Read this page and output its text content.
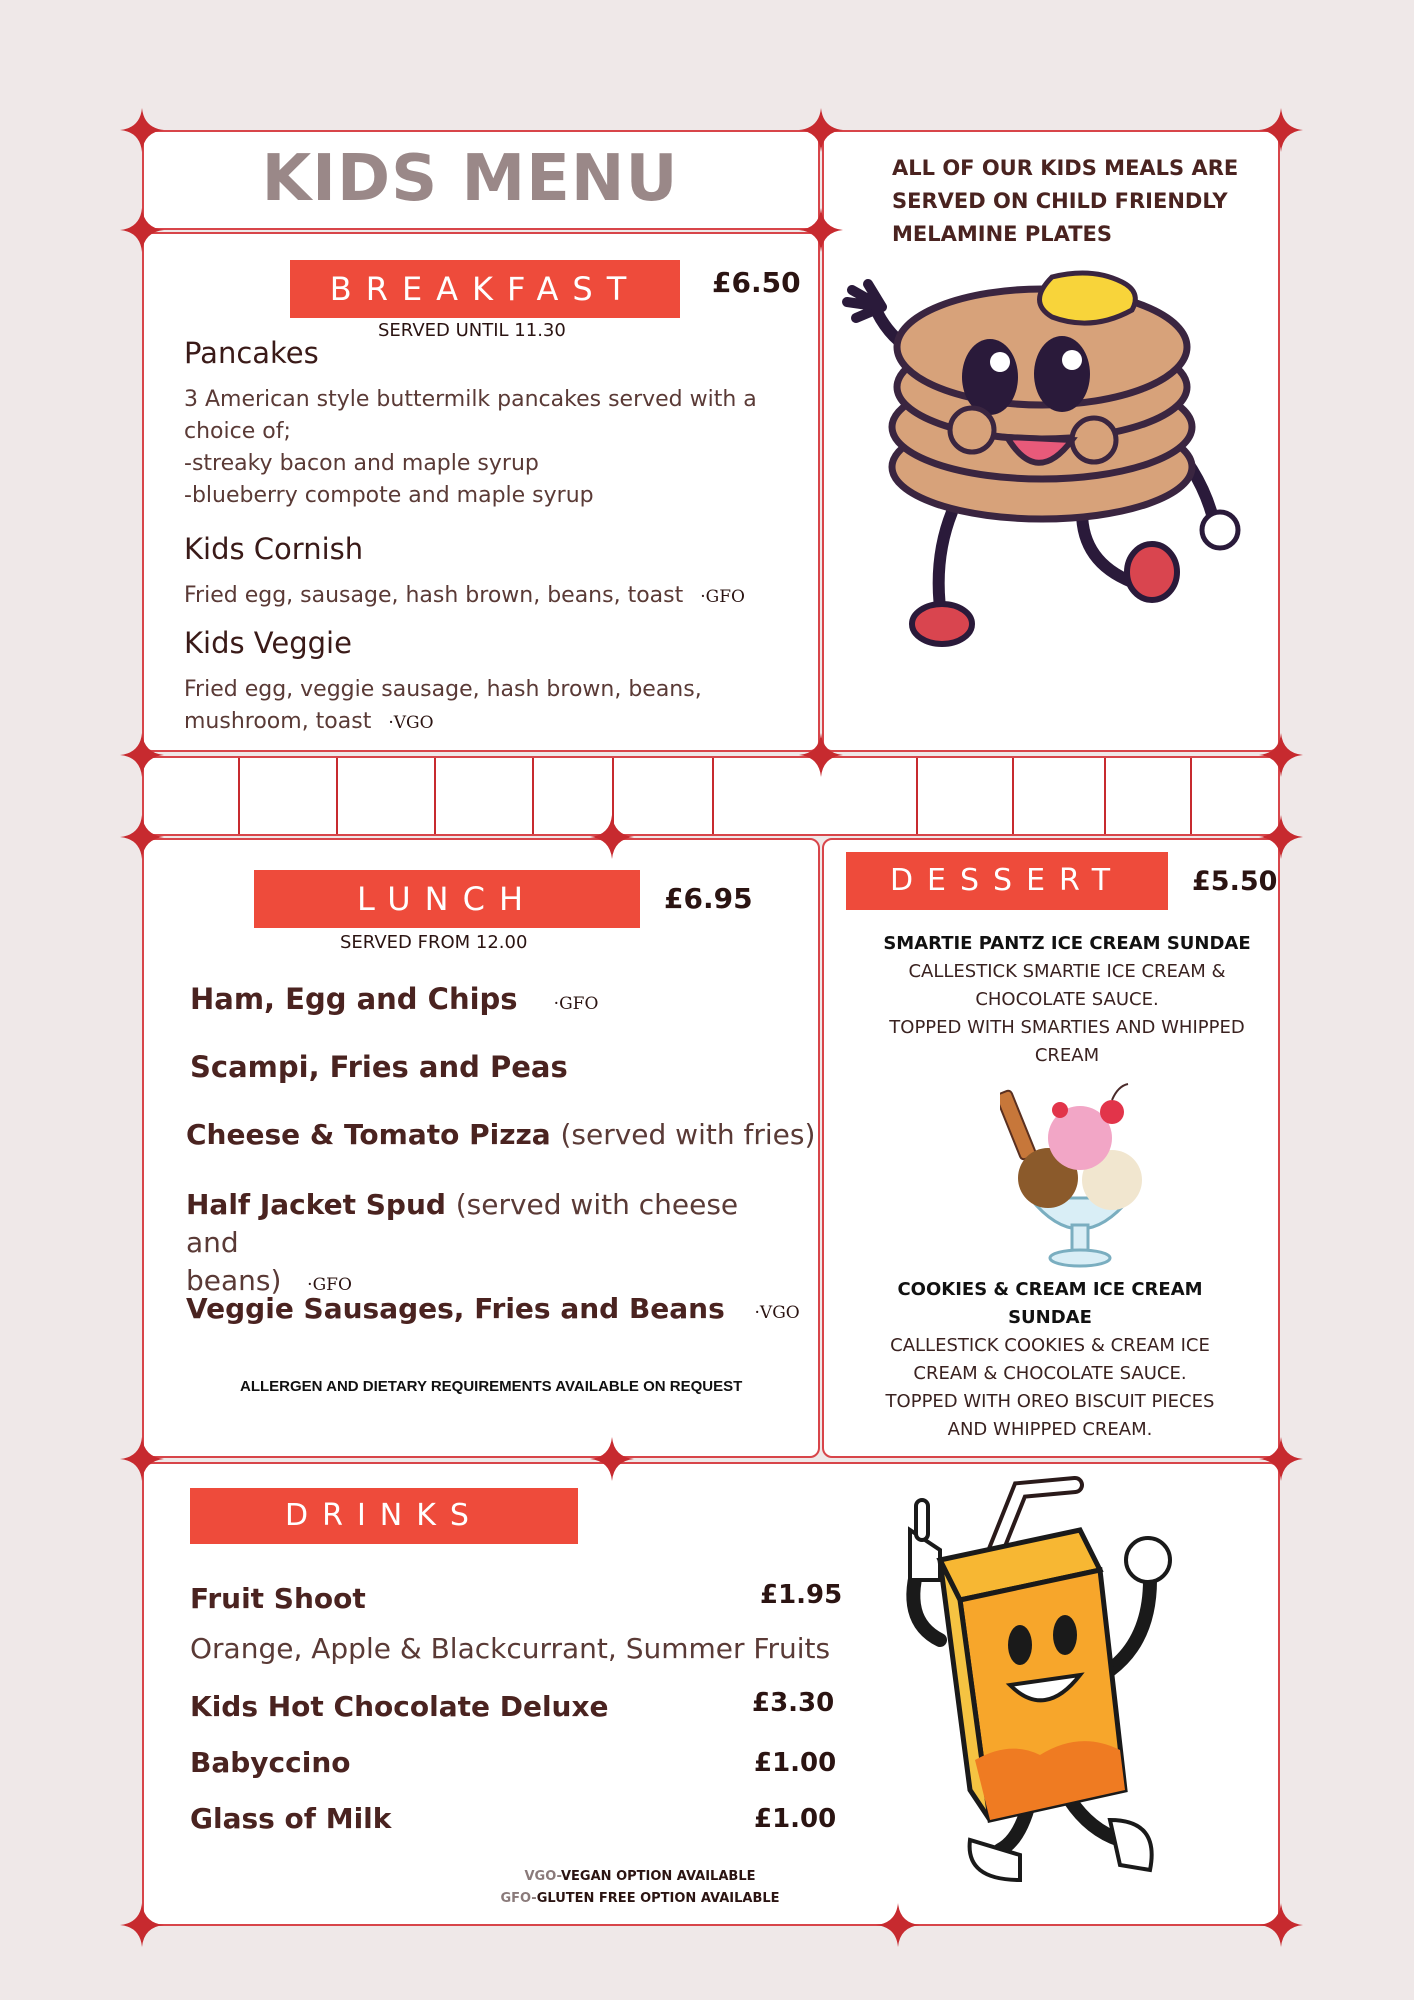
KIDS MENU	ALL OF OUR KIDS MEALS ARE
SERVED ON CHILD FRIENDLY
MELAMINE PLATES
BREAKFAST	£6.50
SERVED UNTIL 11.30
Pancakes
3 American style buttermilk pancakes served with a
choice of;
-streaky bacon and maple syrup
-blueberry compote and maple syrup
Kids Cornish
Fried egg, sausage, hash brown, beans, toast ·GFO
Kids Veggie
Fried egg, veggie sausage, hash brown, beans,
mushroom, toast ·VGO
LUNCH	£6.95
SERVED FROM 12.00
Ham, Egg and Chips ·GFO
Scampi, Fries and Peas
Cheese & Tomato Pizza (served with fries)
Half Jacket Spud (served with cheese and
beans) ·GFO
Veggie Sausages, Fries and Beans ·VGO
ALLERGEN AND DIETARY REQUIREMENTS AVAILABLE ON REQUEST
DESSERT	£5.50
SMARTIE PANTZ ICE CREAM SUNDAE
CALLESTICK SMARTIE ICE CREAM &
CHOCOLATE SAUCE.
TOPPED WITH SMARTIES AND WHIPPED
CREAM
COOKIES & CREAM ICE CREAM
SUNDAE
CALLESTICK COOKIES & CREAM ICE
CREAM & CHOCOLATE SAUCE.
TOPPED WITH OREO BISCUIT PIECES
AND WHIPPED CREAM.
DRINKS
Fruit Shoot	£1.95
Orange, Apple & Blackcurrant, Summer Fruits
Kids Hot Chocolate Deluxe	£3.30
Babyccino	£1.00
Glass of Milk	£1.00
VGO-VEGAN OPTION AVAILABLE
GFO-GLUTEN FREE OPTION AVAILABLE
